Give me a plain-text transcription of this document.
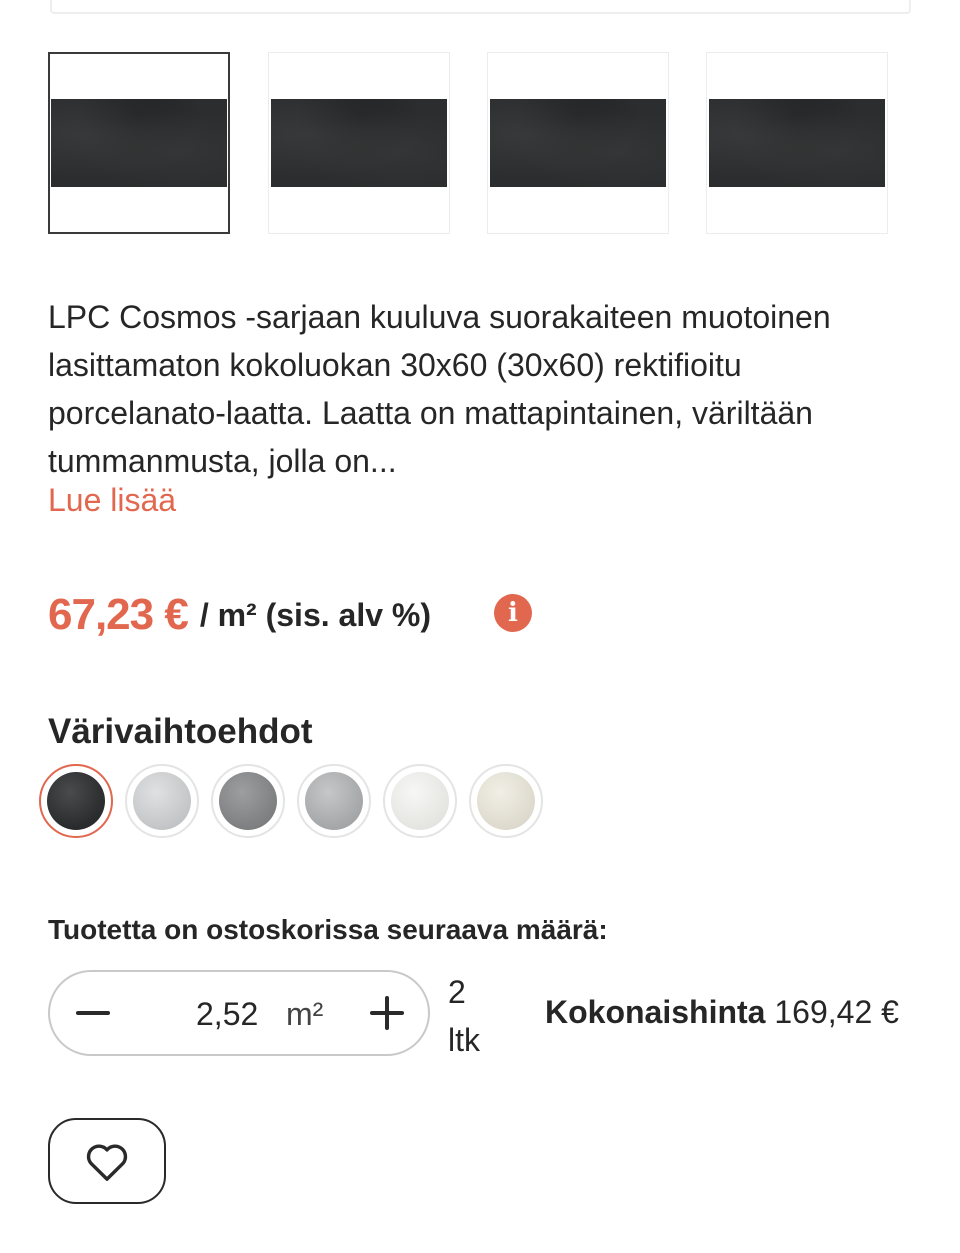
LPC Cosmos -sarjaan kuuluva suorakaiteen muotoinen lasittamaton kokoluokan 30x60 (30x60) rektifioitu porcelanato-laatta. Laatta on mattapintainen, väriltään tummanmusta, jolla on...

Lue lisää
67,23 € / m² (sis. alv %)	i
Värivaihtoehdot
Tuotetta on ostoskorissa seuraava määrä:
2,52 m²
2
ltk
Kokonaishinta 169,42 €
